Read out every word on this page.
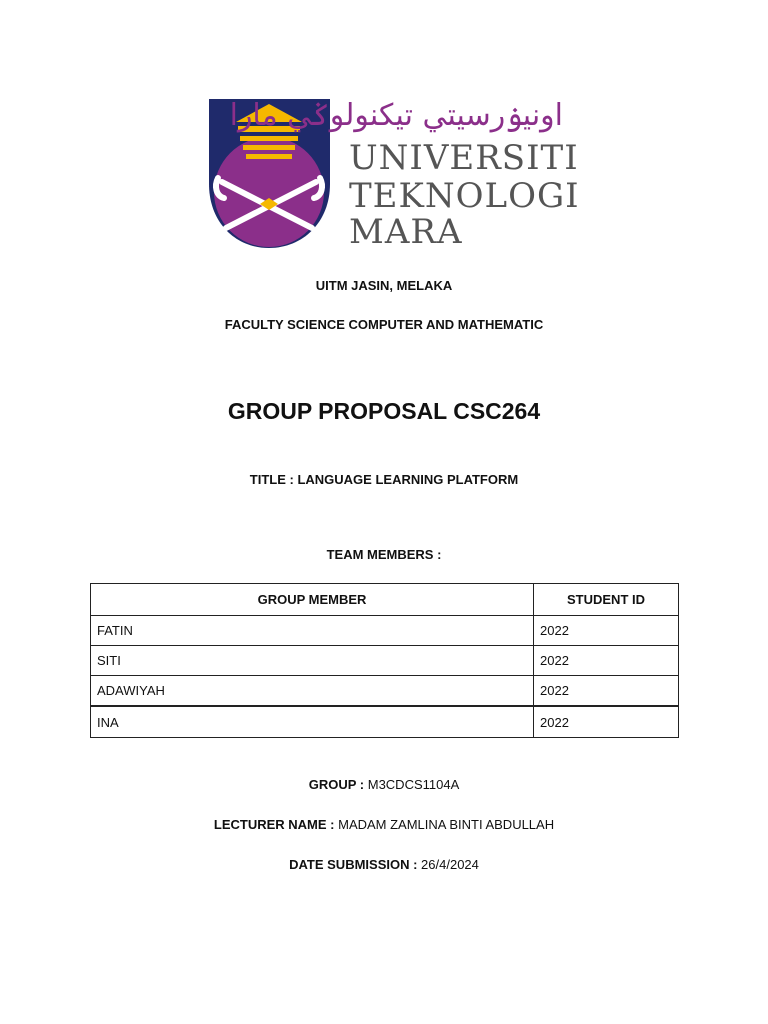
اونيۏرسيتي تيكنولوݢي مارا
UNIVERSITI
TEKNOLOGI
MARA
UITM JASIN, MELAKA
FACULTY SCIENCE COMPUTER AND MATHEMATIC
GROUP PROPOSAL CSC264
TITLE : LANGUAGE LEARNING PLATFORM
TEAM MEMBERS :
GROUP MEMBER	STUDENT ID
FATIN	2022
SITI	2022
ADAWIYAH	2022
INA	2022
GROUP : M3CDCS1104A
LECTURER NAME : MADAM ZAMLINA BINTI ABDULLAH
DATE SUBMISSION : 26/4/2024
